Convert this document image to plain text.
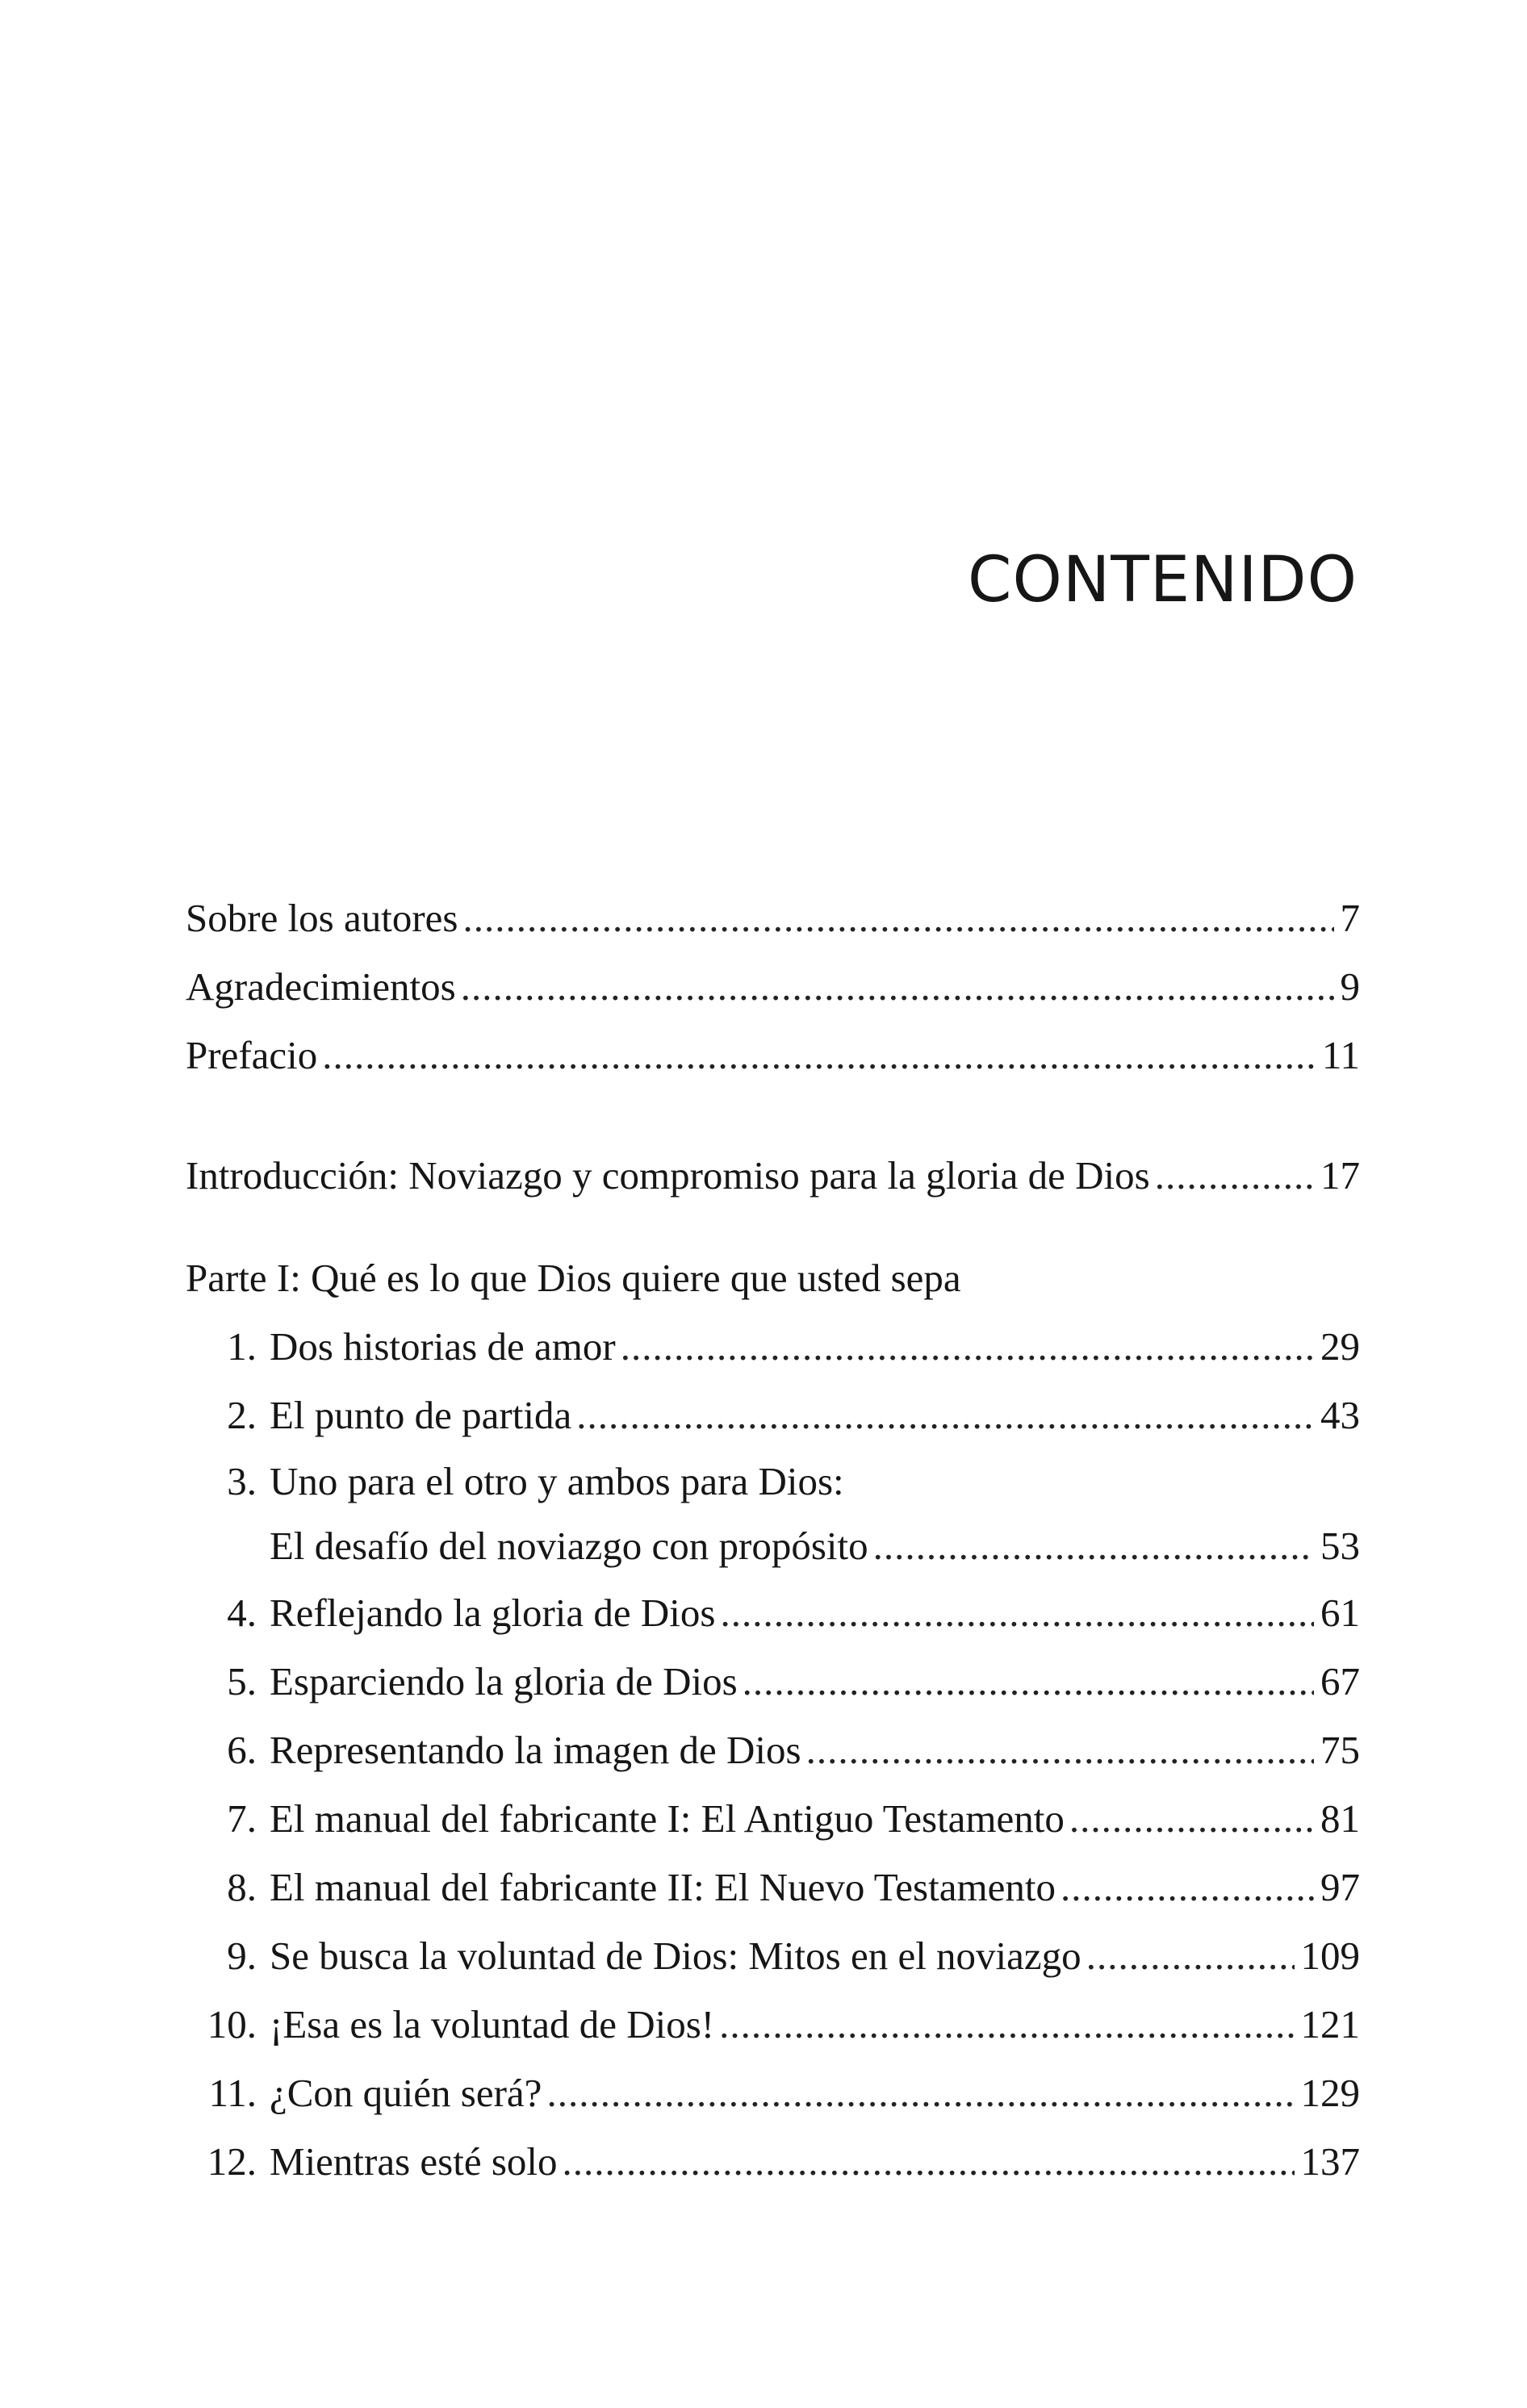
CONTENIDO
Sobre los autores .....	7
Agradecimientos .....	9
Prefacio .....	11
Introducción: Noviazgo y compromiso para la gloria de Dios .....	17
Parte I: Qué es lo que Dios quiere que usted sepa
1. Dos historias de amor .....	29
2. El punto de partida .....	43
3. Uno para el otro y ambos para Dios:
El desafío del noviazgo con propósito .....	53
4. Reflejando la gloria de Dios .....	61
5. Esparciendo la gloria de Dios .....	67
6. Representando la imagen de Dios .....	75
7. El manual del fabricante I: El Antiguo Testamento .....	81
8. El manual del fabricante II: El Nuevo Testamento .....	97
9. Se busca la voluntad de Dios: Mitos en el noviazgo .....	109
10. ¡Esa es la voluntad de Dios! .....	121
11. ¿Con quién será? .....	129
12. Mientras esté solo .....	137
